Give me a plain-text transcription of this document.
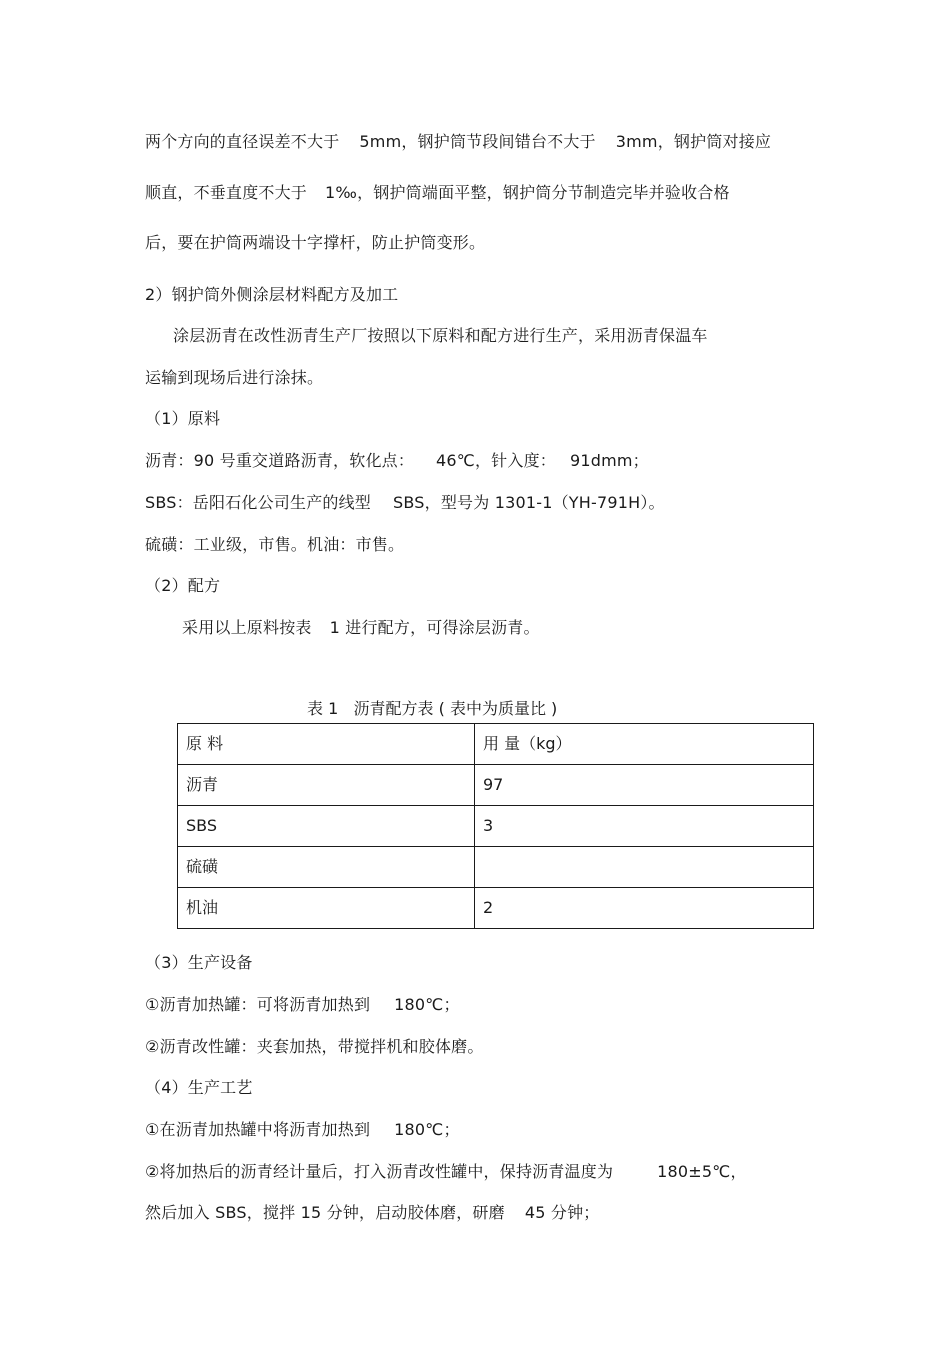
两个方向的直径误差不大于 5mm，钢护筒节段间错台不大于 3mm，钢护筒对接应
顺直，不垂直度不大于 1‰，钢护筒端面平整，钢护筒分节制造完毕并验收合格
后，要在护筒两端设十字撑杆，防止护筒变形。
2）钢护筒外侧涂层材料配方及加工
涂层沥青在改性沥青生产厂按照以下原料和配方进行生产，采用沥青保温车
运输到现场后进行涂抹。
（1）原料
沥青：90 号重交道路沥青，软化点： 46℃，针入度： 91dmm；
SBS：岳阳石化公司生产的线型 SBS，型号为 1301-1（YH-791H）。
硫磺：工业级，市售。机油：市售。
（2）配方
采用以上原料按表 1 进行配方，可得涂层沥青。
表 1   沥青配方表 ( 表中为质量比 )
原 料	用 量（kg）
沥青	97
SBS	3
硫磺	
机油	2
（3）生产设备
①沥青加热罐：可将沥青加热到 180℃；
②沥青改性罐：夹套加热，带搅拌机和胶体磨。
（4）生产工艺
①在沥青加热罐中将沥青加热到 180℃；
②将加热后的沥青经计量后，打入沥青改性罐中，保持沥青温度为	180±5℃，
然后加入 SBS，搅拌 15 分钟，启动胶体磨，研磨 45 分钟；
